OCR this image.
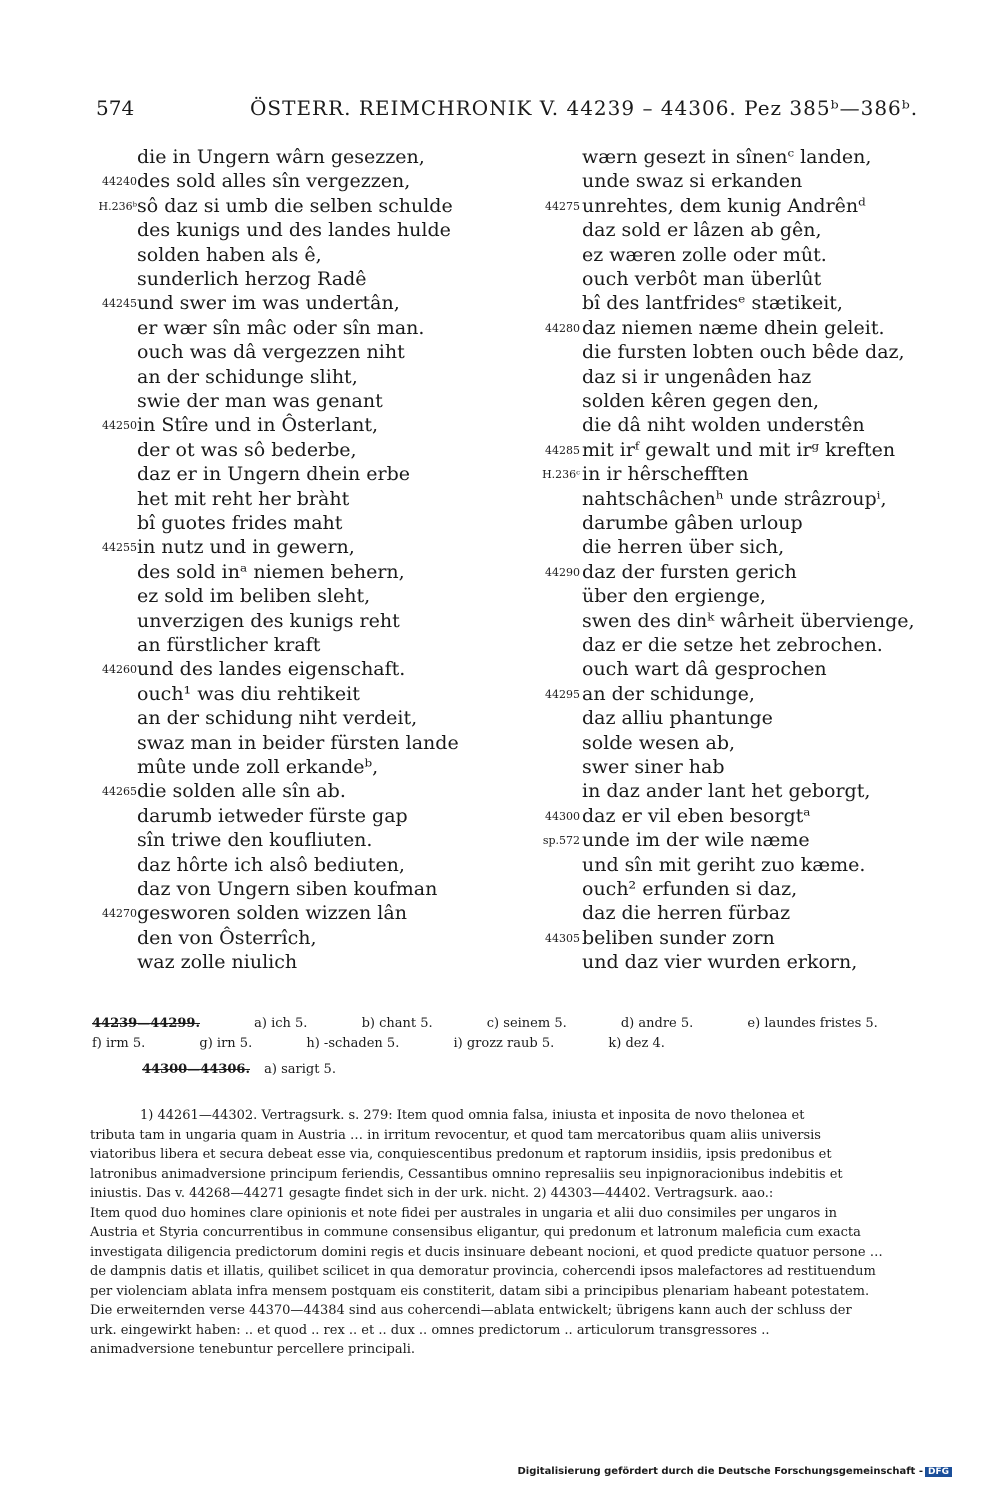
574	ÖSTERR. REIMCHRONIK V. 44239 – 44306. Pez 385ᵇ—386ᵇ.
die in Ungern wârn gesezzen,
44240 des sold alles sîn vergezzen,
H.236ᵇ sô daz si umb die selben schulde
des kunigs und des landes hulde
solden haben als ê,
sunderlich herzog Radê
44245 und swer im was undertân,
er wær sîn mâc oder sîn man.
ouch was dâ vergezzen niht
an der schidunge sliht,
swie der man was genant
44250 in Stîre und in Ôsterlant,
der ot was sô bederbe,
daz er in Ungern dhein erbe
het mit reht her bràht
bî guotes frides maht
44255 in nutz und in gewern,
des sold inᵃ niemen behern,
ez sold im beliben sleht,
unverzigen des kunigs reht
an fürstlicher kraft
44260 und des landes eigenschaft.
ouch¹ was diu rehtikeit
an der schidung niht verdeit,
swaz man in beider fürsten lande
mûte unde zoll erkandeᵇ,
44265 die solden alle sîn ab.
darumb ietweder fürste gap
sîn triwe den koufliuten.
daz hôrte ich alsô bediuten,
daz von Ungern siben koufman
44270 gesworen solden wizzen lân
den von Ôsterrîch,
waz zolle niulich
wærn gesezt in sînenᶜ landen,
unde swaz si erkanden
44275 unrehtes, dem kunig Andrênᵈ
daz sold er lâzen ab gên,
ez wæren zolle oder mût.
ouch verbôt man überlût
bî des lantfridesᵉ stætikeit,
44280 daz niemen næme dhein geleit.
die fursten lobten ouch bêde daz,
daz si ir ungenâden haz
solden kêren gegen den,
die dâ niht wolden understên
44285 mit irᶠ gewalt und mit irᵍ kreften
H.236ᶜ in ir hêrschefften
nahtschâchenʰ unde strâzroupⁱ,
darumbe gâben urloup
die herren über sich,
44290 daz der fursten gerich
über den ergienge,
swen des dinᵏ wârheit übervienge,
daz er die setze het zebrochen.
ouch wart dâ gesprochen
44295 an der schidunge,
daz alliu phantunge
solde wesen ab,
swer siner hab
in daz ander lant het geborgt,
44300 daz er vil eben besorgtᵃ
sp.572 unde im der wile næme
und sîn mit geriht zuo kæme.
ouch² erfunden si daz,
daz die herren fürbaz
44305 beliben sunder zorn
und daz vier wurden erkorn,
44239—44299.	a) ich 5.	b) chant 5.	c) seinem 5.	d) andre 5.	e) laundes fristes 5.
f) irm 5.	g) irn 5.	h) -schaden 5.	i) grozz raub 5.	k) dez 4.
44300—44306. a) sarigt 5.

1) 44261—44302. Vertragsurk. s. 279: Item quod omnia falsa, iniusta et inposita de novo thelonea et

tributa tam in ungaria quam in Austria … in irritum revocentur, et quod tam mercatoribus quam aliis universis

viatoribus libera et secura debeat esse via, conquiescentibus predonum et raptorum insidiis, ipsis predonibus et

latronibus animadversione principum feriendis, Cessantibus omnino represaliis seu inpignoracionibus indebitis et

iniustis. Das v. 44268—44271 gesagte findet sich in der urk. nicht. 2) 44303—44402. Vertragsurk. aao.:

Item quod duo homines clare opinionis et note fidei per australes in ungaria et alii duo consimiles per ungaros in

Austria et Styria concurrentibus in commune consensibus eligantur, qui predonum et latronum maleficia cum exacta

investigata diligencia predictorum domini regis et ducis insinuare debeant nocioni, et quod predicte quatuor persone …

de dampnis datis et illatis, quilibet scilicet in qua demoratur provincia, cohercendi ipsos malefactores ad restituendum

per violenciam ablata infra mensem postquam eis constiterit, datam sibi a principibus plenariam habeant potestatem.

Die erweiternden verse 44370—44384 sind aus cohercendi—ablata entwickelt; übrigens kann auch der schluss der

urk. eingewirkt haben: .. et quod .. rex .. et .. dux .. omnes predictorum .. articulorum transgressores ..

animadversione tenebuntur percellere principali.

Digitalisierung gefördert durch die Deutsche Forschungsgemeinschaft - DFG
